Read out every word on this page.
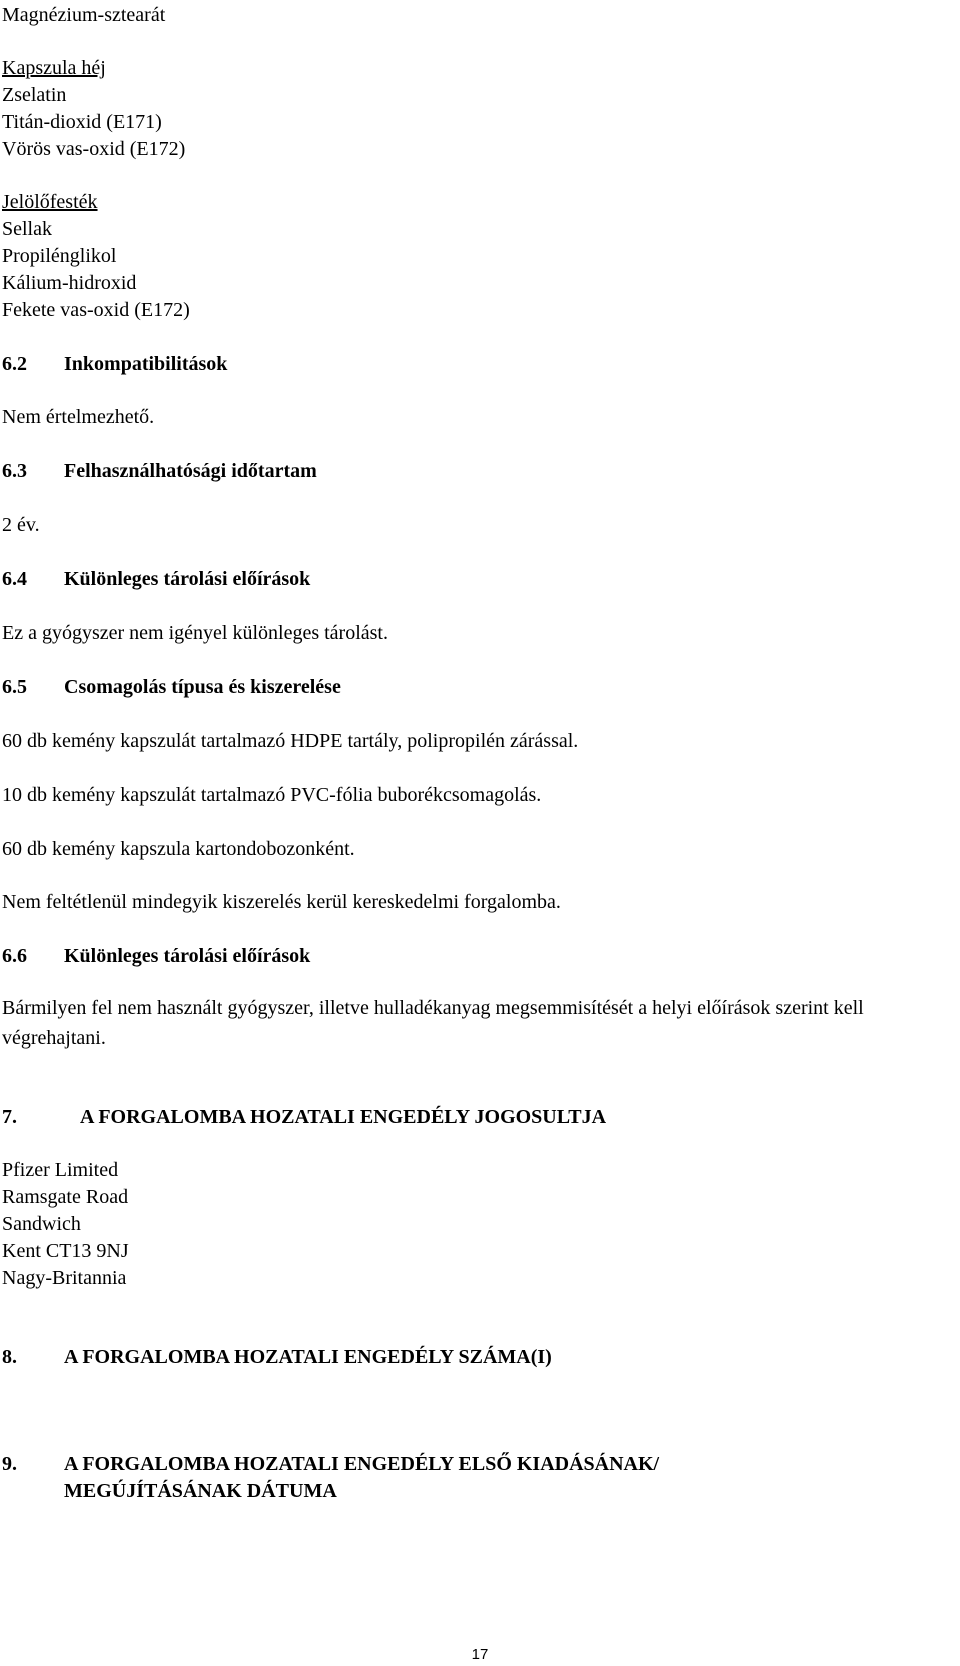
Magnézium-sztearát
Kapszula héj
Zselatin
Titán-dioxid (E171)
Vörös vas-oxid (E172)
Jelölőfesték
Sellak
Propilénglikol
Kálium-hidroxid
Fekete vas-oxid (E172)
6.2 Inkompatibilitások
Nem értelmezhető.
6.3 Felhasználhatósági időtartam
2 év.
6.4 Különleges tárolási előírások
Ez a gyógyszer nem igényel különleges tárolást.
6.5 Csomagolás típusa és kiszerelése
60 db kemény kapszulát tartalmazó HDPE tartály, polipropilén zárással.
10 db kemény kapszulát tartalmazó PVC-fólia buborékcsomagolás.
60 db kemény kapszula kartondobozonként.
Nem feltétlenül mindegyik kiszerelés kerül kereskedelmi forgalomba.
6.6 Különleges tárolási előírások
Bármilyen fel nem használt gyógyszer, illetve hulladékanyag megsemmisítését a helyi előírások szerint kell végrehajtani.
7.	A FORGALOMBA HOZATALI ENGEDÉLY JOGOSULTJA
Pfizer Limited
Ramsgate Road
Sandwich
Kent CT13 9NJ
Nagy-Britannia
8. A FORGALOMBA HOZATALI ENGEDÉLY SZÁMA(I)
9. A FORGALOMBA HOZATALI ENGEDÉLY ELSŐ KIADÁSÁNAK/
MEGÚJÍTÁSÁNAK DÁTUMA
17
